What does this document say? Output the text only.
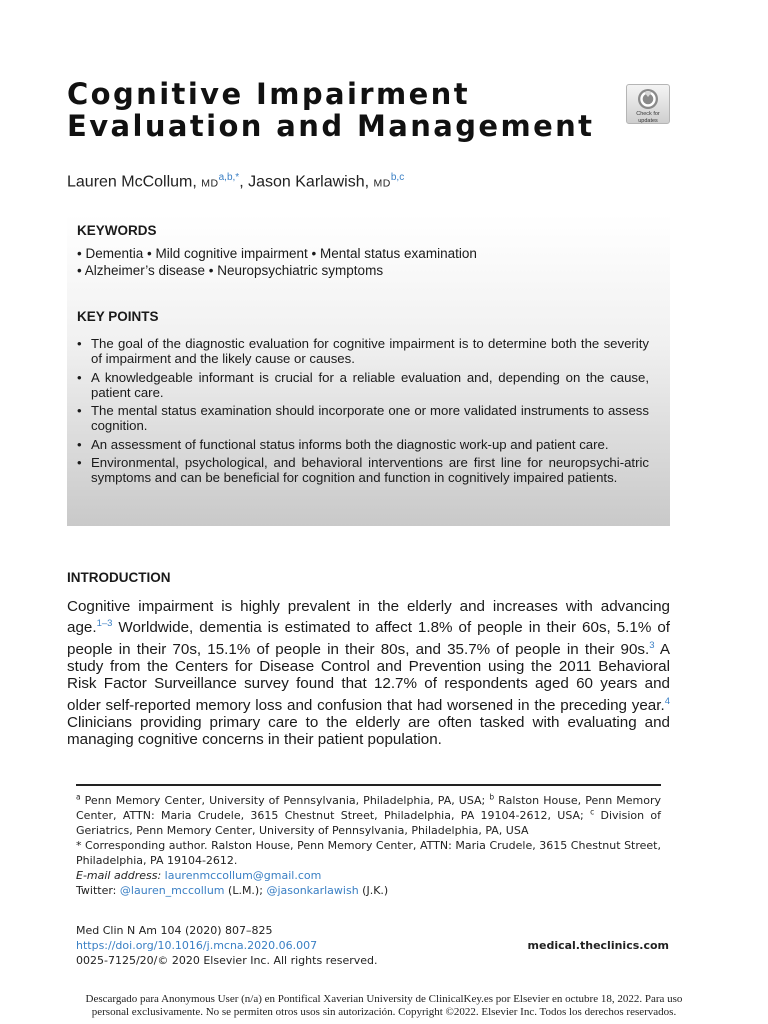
Cognitive Impairment
Evaluation and Management	Check for
updates
Lauren McCollum, $MD^{a,b,*}$, Jason Karlawish, MD$^{b,c}$
KEYWORDS
• Dementia • Mild cognitive impairment • Mental status examination
• Alzheimer’s disease • Neuropsychiatric symptoms
KEY POINTS
• The goal of the diagnostic evaluation for cognitive impairment is to determine both the severity of impairment and the likely cause or causes.
• A knowledgeable informant is crucial for a reliable evaluation and, depending on the cause, patient care.
• The mental status examination should incorporate one or more validated instruments to assess cognition.
• An assessment of functional status informs both the diagnostic work-up and patient care.
• Environmental, psychological, and behavioral interventions are first line for neuropsychi-atric symptoms and can be beneficial for cognition and function in cognitively impaired patients.
INTRODUCTION

Cognitive impairment is highly prevalent in the elderly and increases with advancing age.$^{1-3}$ Worldwide, dementia is estimated to affect 1.8% of people in their 60s, 5.1% of people in their 70s, 15.1% of people in their 80s, and 35.7% of people in their 90s.$^3$ A study from the Centers for Disease Control and Prevention using the 2011 Behavioral Risk Factor Surveillance survey found that 12.7% of respondents aged 60 years and older self-reported memory loss and confusion that had worsened in the preceding year.$^4$ Clinicians providing primary care to the elderly are often tasked with evaluating and managing cognitive concerns in their patient population.

$^a$ Penn Memory Center, University of Pennsylvania, Philadelphia, PA, USA; $^b$ Ralston House, Penn Memory Center, ATTN: Maria Crudele, 3615 Chestnut Street, Philadelphia, PA 19104-2612, USA; $^c$ Division of Geriatrics, Penn Memory Center, University of Pennsylvania, Philadelphia, PA, USA

* Corresponding author. Ralston House, Penn Memory Center, ATTN: Maria Crudele, 3615 Chestnut Street, Philadelphia, PA 19104-2612.

E-mail address: laurenmccollum@gmail.com

Twitter: @lauren_mccollum (L.M.); @jasonkarlawish (J.K.)

Med Clin N Am 104 (2020) 807–825

https://doi.org/10.1016/j.mcna.2020.06.007

0025-7125/20/© 2020 Elsevier Inc. All rights reserved.

medical.theclinics.com
Descargado para Anonymous User (n/a) en Pontifical Xaverian University de ClinicalKey.es por Elsevier en octubre 18, 2022. Para uso
personal exclusivamente. No se permiten otros usos sin autorización. Copyright ©2022. Elsevier Inc. Todos los derechos reservados.
